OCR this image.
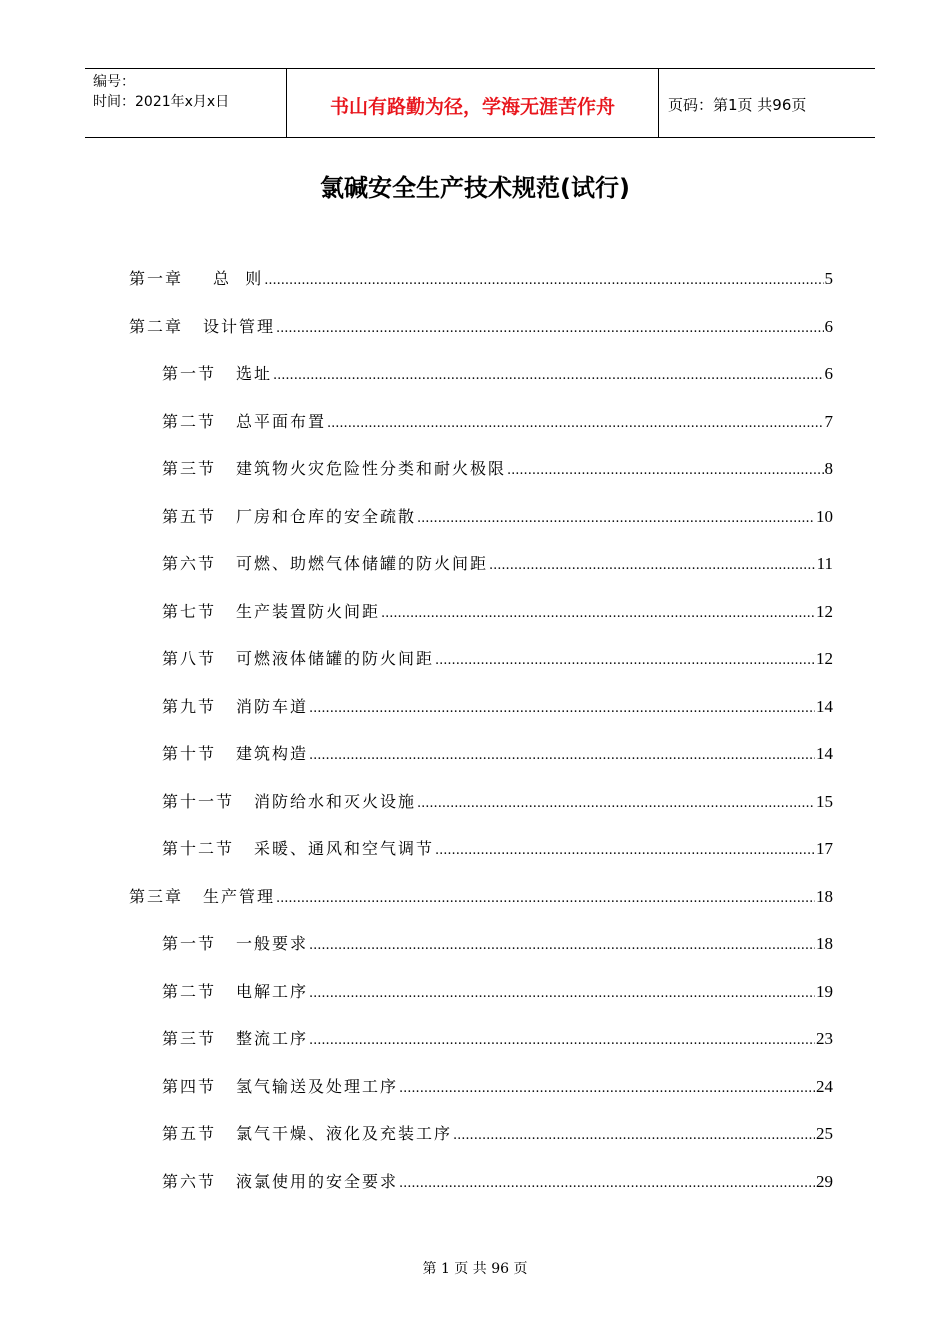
编号：
时间：2021年x月x日	书山有路勤为径，学海无涯苦作舟	页码：第1页 共96页
氯碱安全生产技术规范(试行)
第一章 总  则 .....	5
第二章 设计管理 .....	6
第一节 选址 .....	6
第二节 总平面布置 .....	7
第三节 建筑物火灾危险性分类和耐火极限 .....	8
第五节 厂房和仓库的安全疏散 .....	10
第六节 可燃、助燃气体储罐的防火间距 .....	11
第七节 生产装置防火间距 .....	12
第八节 可燃液体储罐的防火间距 .....	12
第九节 消防车道 .....	14
第十节 建筑构造 .....	14
第十一节 消防给水和灭火设施 .....	15
第十二节 采暖、通风和空气调节 .....	17
第三章 生产管理 .....	18
第一节 一般要求 .....	18
第二节 电解工序 .....	19
第三节 整流工序 .....	23
第四节 氢气输送及处理工序 .....	24
第五节 氯气干燥、液化及充装工序 .....	25
第六节 液氯使用的安全要求 .....	29
第 1 页 共 96 页
